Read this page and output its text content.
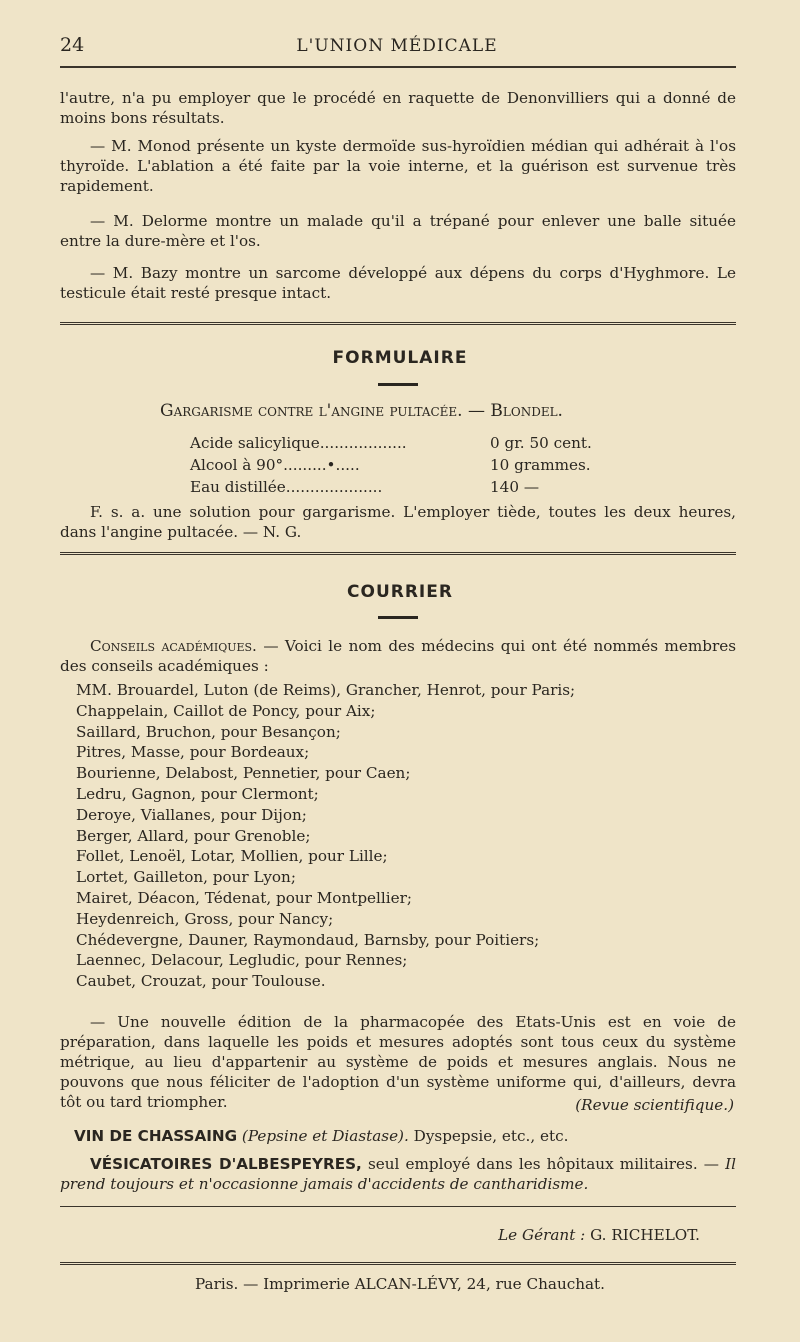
24	L'UNION MÉDICALE

l'autre, n'a pu employer que le procédé en raquette de Denonvilliers qui a donné de moins bons résultats.

— M. Monod présente un kyste dermoïde sus-hyroïdien médian qui adhérait à l'os thyroïde. L'ablation a été faite par la voie interne, et la guérison est survenue très rapidement.

— M. Delorme montre un malade qu'il a trépané pour enlever une balle située entre la dure-mère et l'os.

— M. Bazy montre un sarcome développé aux dépens du corps d'Hyghmore. Le testicule était resté presque intact.

FORMULAIRE
Gargarisme contre l'angine pultacée. — Blondel.
Acide salicylique..................	0 gr. 50 cent.
Alcool à 90°.........•.....	10 grammes.
Eau distillée....................	140 —

F. s. a. une solution pour gargarisme. L'employer tiède, toutes les deux heures, dans l'angine pultacée. — N. G.

COURRIER

Conseils académiques. — Voici le nom des médecins qui ont été nommés membres des conseils académiques :

MM. Brouardel, Luton (de Reims), Grancher, Henrot, pour Paris;
Chappelain, Caillot de Poncy, pour Aix;
Saillard, Bruchon, pour Besançon;
Pitres, Masse, pour Bordeaux;
Bourienne, Delabost, Pennetier, pour Caen;
Ledru, Gagnon, pour Clermont;
Deroye, Viallanes, pour Dijon;
Berger, Allard, pour Grenoble;
Follet, Lenoël, Lotar, Mollien, pour Lille;
Lortet, Gailleton, pour Lyon;
Mairet, Déacon, Tédenat, pour Montpellier;
Heydenreich, Gross, pour Nancy;
Chédevergne, Dauner, Raymondaud, Barnsby, pour Poitiers;
Laennec, Delacour, Legludic, pour Rennes;
Caubet, Crouzat, pour Toulouse.

— Une nouvelle édition de la pharmacopée des Etats-Unis est en voie de préparation, dans laquelle les poids et mesures adoptés sont tous ceux du système métrique, au lieu d'appartenir au système de poids et mesures anglais. Nous ne pouvons que nous féliciter de l'adoption d'un système uniforme qui, d'ailleurs, devra tôt ou tard triompher.	(Revue scientifique.)
VIN DE CHASSAING (Pepsine et Diastase). Dyspepsie, etc., etc.
VÉSICATOIRES D'ALBESPEYRES, seul employé dans les hôpitaux militaires. — Il prend toujours et n'occasionne jamais d'accidents de cantharidisme.
Le Gérant : G. RICHELOT.
Paris. — Imprimerie ALCAN-LÉVY, 24, rue Chauchat.
